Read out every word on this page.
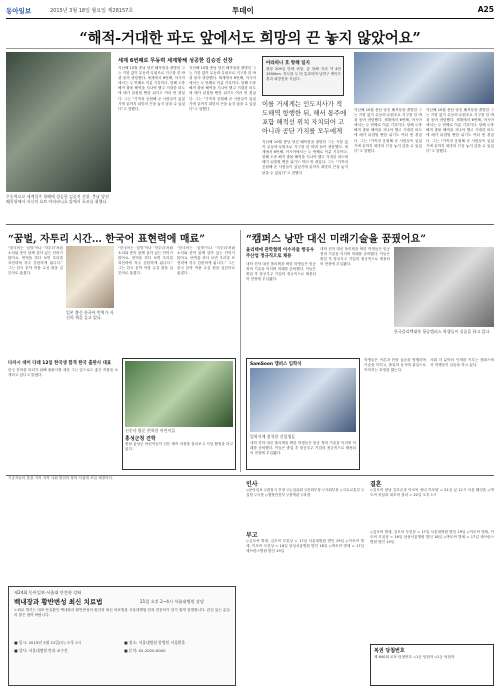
동아일보	2015년 3월 18일 월요일 제28157호	투데이	A25
“해적-거대한 파도 앞에서도 희망의 끈 놓지 않았어요”
무동력으로 세계일주 항해에 성공한 김승진 선장. 충남 당진 왜목항에서 자신의 요트 아라파니호 앞에서 포즈를 취했다.
세계 6번째로 무동력 세계항해 성공한 김승진 선장
지난해 10월 충남 당진 왜목항을 출발한 그는 기항 없이 무동력·무원조로 지구를 한 바퀴 돌아 귀항했다. 세계에서 6번째, 아시아에서는 두 번째로 이룬 기록이다. 항해 도중 해적 출몰 해역을 지나야 했고 거대한 파도에 배가 뒤집힐 뻔한 위기도 여러 번 겪었다. 그는 “가족과 응원해 준 사람들이 있었기에 끝까지 희망의 끈을 놓지 않을 수 있었다”고 말했다.
지난해 10월 충남 당진 왜목항을 출발한 그는 기항 없이 무동력·무원조로 지구를 한 바퀴 돌아 귀항했다. 세계에서 6번째, 아시아에서는 두 번째로 이룬 기록이다. 항해 도중 해적 출몰 해역을 지나야 했고 거대한 파도에 배가 뒤집힐 뻔한 위기도 여러 번 겪었다. 그는 “가족과 응원해 준 사람들이 있었기에 끝까지 희망의 끈을 놓지 않을 수 있었다”고 말했다.
아라파니 호 항해 일지
출항 209일 만에 귀항. 총 항해 거리 약 4만1900km. 적도를 두 번 통과하며 남반구 케이프혼과 희망봉을 지났다.
이를 거세게는 인도지사가 적도해역 항행한 뒤, 해서 통주에 포함 해적선 위치 자치되어 고 아니라 공단 가지를 모두에게
지난해 10월 충남 당진 왜목항을 출발한 그는 기항 없이 무동력·무원조로 지구를 한 바퀴 돌아 귀항했다. 세계에서 6번째, 아시아에서는 두 번째로 이룬 기록이다. 항해 도중 해적 출몰 해역을 지나야 했고 거대한 파도에 배가 뒤집힐 뻔한 위기도 여러 번 겪었다. 그는 “가족과 응원해 준 사람들이 있었기에 끝까지 희망의 끈을 놓지 않을 수 있었다”고 말했다.
지난해 10월 충남 당진 왜목항을 출발한 그는 기항 없이 무동력·무원조로 지구를 한 바퀴 돌아 귀항했다. 세계에서 6번째, 아시아에서는 두 번째로 이룬 기록이다. 항해 도중 해적 출몰 해역을 지나야 했고 거대한 파도에 배가 뒤집힐 뻔한 위기도 여러 번 겪었다. 그는 “가족과 응원해 준 사람들이 있었기에 끝까지 희망의 끈을 놓지 않을 수 있었다”고 말했다.
지난해 10월 충남 당진 왜목항을 출발한 그는 기항 없이 무동력·무원조로 지구를 한 바퀴 돌아 귀항했다. 세계에서 6번째, 아시아에서는 두 번째로 이룬 기록이다. 항해 도중 해적 출몰 해역을 지나야 했고 거대한 파도에 배가 뒤집힐 뻔한 위기도 여러 번 겪었다. 그는 “가족과 응원해 준 사람들이 있었기에 끝까지 희망의 끈을 놓지 않을 수 있었다”고 말했다.
“꿈벌, 자투리 시간… 한국어 표현력에 매료”
“한국어는 ‘꿈벌’이나 ‘자투리’처럼 소리와 뜻이 함께 살아 있는 단어가 많아요. 번역을 하다 보면 우리말 표현력에 자주 감탄하게 됩니다.” 그는 한국 문학 작품 수십 편을 일본어로 옮겼다.
일본 출신 한국어 번역가 자신의 책을 들고 있다.
“한국어는 ‘꿈벌’이나 ‘자투리’처럼 소리와 뜻이 함께 살아 있는 단어가 많아요. 번역을 하다 보면 우리말 표현력에 자주 감탄하게 됩니다.” 그는 한국 문학 작품 수십 편을 일본어로 옮겼다.
“한국어는 ‘꿈벌’이나 ‘자투리’처럼 소리와 뜻이 함께 살아 있는 단어가 많아요. 번역을 하다 보면 우리말 표현력에 자주 감탄하게 됩니다.” 그는 한국 문학 작품 수십 편을 일본어로 옮겼다.
다자시 데이 다레 12일 한국생 합격 한국 출판사 대표
한국 문학을 알리기 위해 출판사를 세운 그는 앞으로도 좋은 작품을 소개하고 싶다고 밝혔다.
신문사 방문 견학한 어린이들
홍성군청 견학
충남 홍성군 어린이들이 신문 제작 과정을 둘러보고 기념 촬영을 하고 있다.
“캠퍼스 낭만 대신 미래기술을 꿈꿨어요”
올리텍에 관학협력 이수자들 항공우주산업 정규직으로 채용
대학 진학 대신 폴리텍을 택한 학생들은 항공 정비 기술을 익히며 미래를 준비했다. 이들은 졸업 후 항공우주 기업의 정규직으로 채용되어 현장에 투입됐다.
대학 진학 대신 폴리텍을 택한 학생들은 항공 정비 기술을 익히며 미래를 준비했다. 이들은 졸업 후 항공우주 기업의 정규직으로 채용되어 현장에 투입됐다.
한국폴리텍대학 항공캠퍼스 학생들이 실습을 하고 있다.
SamSoon 캠퍼스 입학식
입학식에 참석한 신입생들
대학 진학 대신 폴리텍을 택한 학생들은 항공 정비 기술을 익히며 미래를 준비했다. 이들은 졸업 후 항공우주 기업의 정규직으로 채용되어 현장에 투입됐다.
학생들은 이론과 현장 실습을 병행하며 기술을 익히고, 졸업과 동시에 취업으로 이어지는 과정을 밟는다.
사회 각 분야의 인재를 키우는 캠퍼스에서 학생들이 실습을 하고 있다.
인사
◇동아일보 ▽편집국 부장 ▽논설위원 ▽문화부장 ▽사회부장 ◇국토교통부 ▽실장 ▽국장 ◇행정안전부 ▽정책관 ▽과장
결혼
◇김모씨 장남 김모군과 이모씨 장녀 이모양 = 21일 낮 12시 서울 웨딩홀 ◇박모씨 차남과 최모씨 장녀 = 22일 오후 1시
부고
◇김모씨 별세, 김모씨 부친상 = 17일 서울대병원 발인 19일 ◇이모씨 별세, 이모씨 모친상 = 16일 삼성서울병원 발인 18일 ◇박모씨 별세 = 17일 세브란스병원 발인 19일
◇김모씨 별세, 김모씨 부친상 = 17일 서울대병원 발인 19일 ◇이모씨 별세, 이모씨 모친상 = 16일 삼성서울병원 발인 18일 ◇박모씨 별세 = 17일 세브란스병원 발인 19일
복권 당첨번호
제 640회 로또 당첨번호 ◇1등 당첨자 ◇2등 당첨자
제24회 동아일보·서울대 안전관 강좌
백내장과 황반변성 최신 치료법	21일 오후 2~4시 서울대병원 강당
노화로 생기는 대표 안질환인 백내장과 황반변성의 원인과 최신 치료법을 서울대병원 안과 전문의가 알기 쉽게 설명합니다. 관심 있는 분들의 많은 참여 바랍니다.
■ 일시: 2015년 3월 21일(토) 오후 2시	■ 장소: 서울대병원 암병원 서성환홀
■ 강사: 서울대병원 안과 교수진	■ 문의: 02-2020-0000
기증자들의 뜻을 기려 지역 사회 발전과 장학 사업에 쓰일 예정이다.
